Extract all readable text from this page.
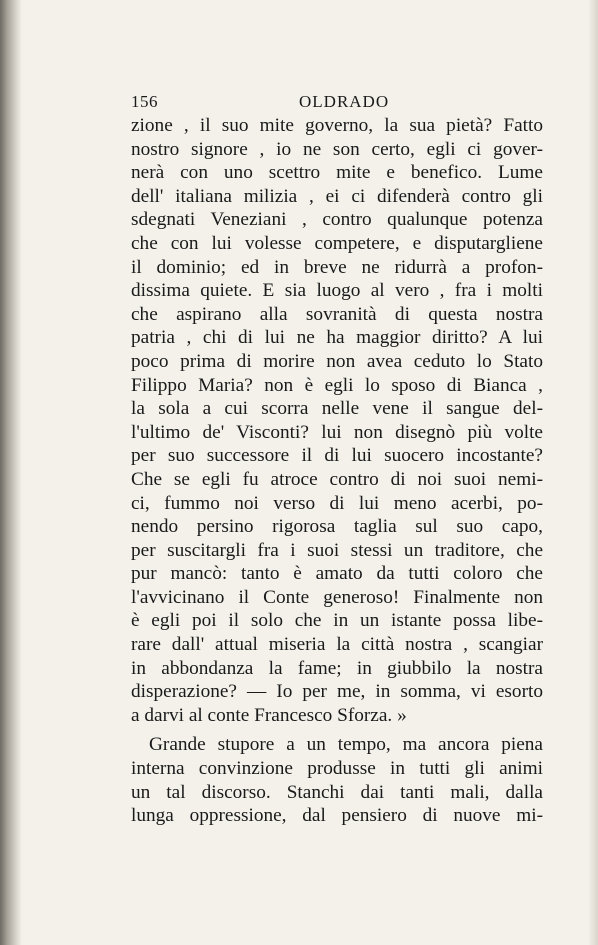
156	OLDRADO
zione , il suo mite governo, la sua pietà? Fatto
nostro signore , io ne son certo, egli ci gover-
nerà con uno scettro mite e benefico. Lume
dell' italiana milizia , ei ci difenderà contro gli
sdegnati Veneziani , contro qualunque potenza
che con lui volesse competere, e disputargliene
il dominio; ed in breve ne ridurrà a profon-
dissima quiete. E sia luogo al vero , fra i molti
che aspirano alla sovranità di questa nostra
patria , chi di lui ne ha maggior diritto? A lui
poco prima di morire non avea ceduto lo Stato
Filippo Maria? non è egli lo sposo di Bianca ,
la sola a cui scorra nelle vene il sangue del-
l'ultimo de' Visconti? lui non disegnò più volte
per suo successore il di lui suocero incostante?
Che se egli fu atroce contro di noi suoi nemi-
ci, fummo noi verso di lui meno acerbi, po-
nendo persino rigorosa taglia sul suo capo,
per suscitargli fra i suoi stessi un traditore, che
pur mancò: tanto è amato da tutti coloro che
l'avvicinano il Conte generoso! Finalmente non
è egli poi il solo che in un istante possa libe-
rare dall' attual miseria la città nostra , scangiar
in abbondanza la fame; in giubbilo la nostra
disperazione? — Io per me, in somma, vi esorto
a darvi al conte Francesco Sforza. »
Grande stupore a un tempo, ma ancora piena
interna convinzione produsse in tutti gli animi
un tal discorso. Stanchi dai tanti mali, dalla
lunga oppressione, dal pensiero di nuove mi-
